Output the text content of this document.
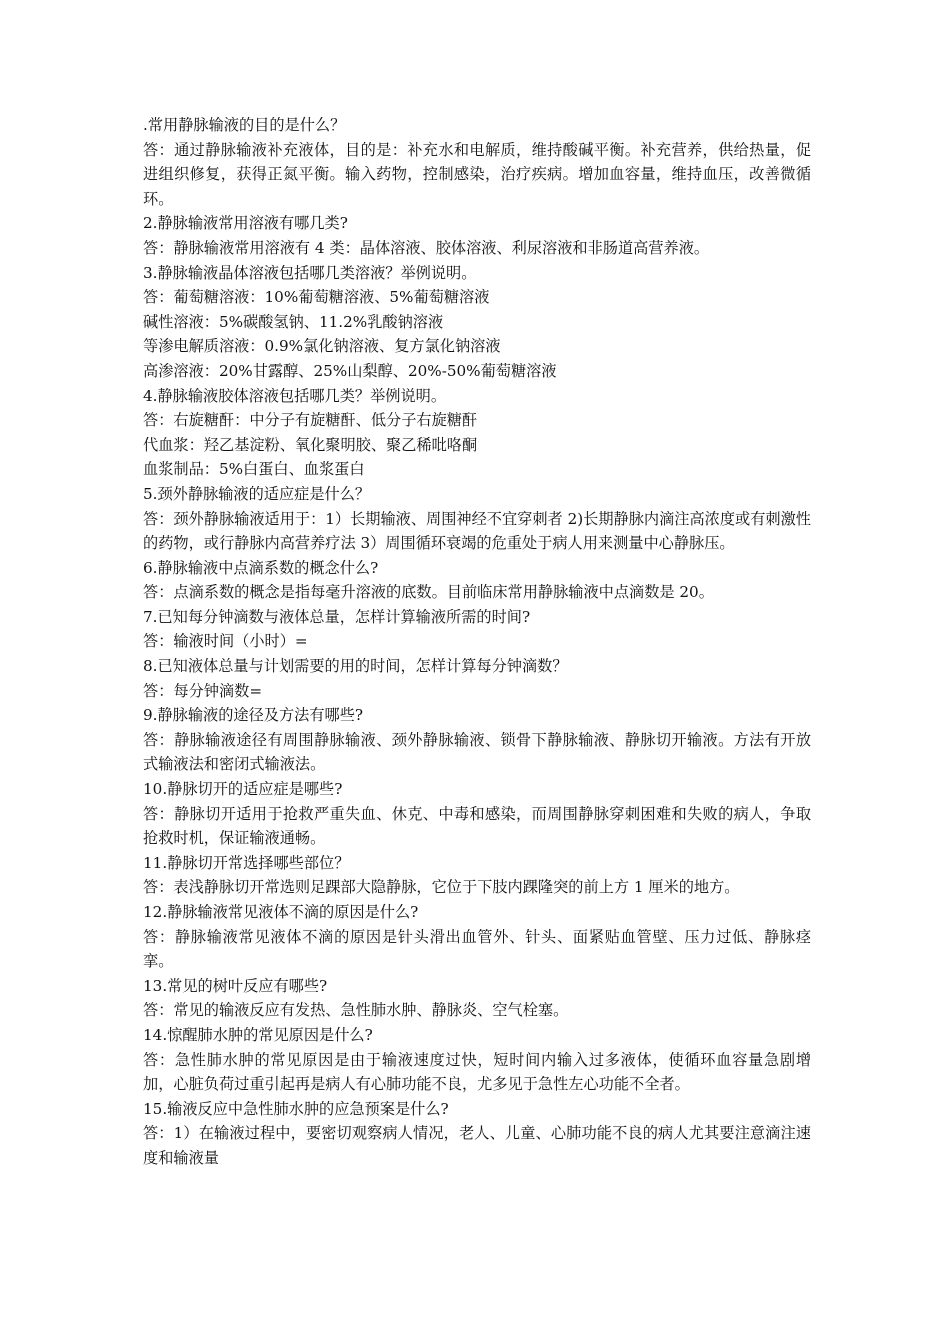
.常用静脉输液的目的是什么？
答：通过静脉输液补充液体，目的是：补充水和电解质，维持酸碱平衡。补充营养，供给热量，促进组织修复，获得正氮平衡。输入药物，控制感染，治疗疾病。增加血容量，维持血压，改善微循环。
2.静脉输液常用溶液有哪几类?
答：静脉输液常用溶液有 4 类：晶体溶液、胶体溶液、利尿溶液和非肠道高营养液。
3.静脉输液晶体溶液包括哪几类溶液？举例说明。
答：葡萄糖溶液：10%葡萄糖溶液、5%葡萄糖溶液
碱性溶液：5%碳酸氢钠、11.2%乳酸钠溶液
等渗电解质溶液：0.9%氯化钠溶液、复方氯化钠溶液
高渗溶液：20%甘露醇、25%山梨醇、20%-50%葡萄糖溶液
4.静脉输液胶体溶液包括哪几类？举例说明。
答：右旋糖酐：中分子有旋糖酐、低分子右旋糖酐
代血浆：羟乙基淀粉、氧化聚明胶、聚乙稀吡咯酮
血浆制品：5%白蛋白、血浆蛋白
5.颈外静脉输液的适应症是什么？
答：颈外静脉输液适用于：1）长期输液、周围神经不宜穿刺者 2)长期静脉内滴注高浓度或有刺激性的药物，或行静脉内高营养疗法 3）周围循环衰竭的危重处于病人用来测量中心静脉压。
6.静脉输液中点滴系数的概念什么?
答：点滴系数的概念是指每毫升溶液的底数。目前临床常用静脉输液中点滴数是 20。
7.已知每分钟滴数与液体总量，怎样计算输液所需的时间?
答：输液时间（小时）=
8.已知液体总量与计划需要的用的时间，怎样计算每分钟滴数？
答：每分钟滴数=
9.静脉输液的途径及方法有哪些?
答：静脉输液途径有周围静脉输液、颈外静脉输液、锁骨下静脉输液、静脉切开输液。方法有开放式输液法和密闭式输液法。
10.静脉切开的适应症是哪些?
答：静脉切开适用于抢救严重失血、休克、中毒和感染，而周围静脉穿刺困难和失败的病人，争取抢救时机，保证输液通畅。
11.静脉切开常选择哪些部位？
答：表浅静脉切开常选则足踝部大隐静脉，它位于下肢内踝隆突的前上方 1 厘米的地方。
12.静脉输液常见液体不滴的原因是什么?
答：静脉输液常见液体不滴的原因是针头滑出血管外、针头、面紧贴血管壁、压力过低、静脉痉挛。
13.常见的树叶反应有哪些?
答：常见的输液反应有发热、急性肺水肿、静脉炎、空气栓塞。
14.惊醒肺水肿的常见原因是什么?
答：急性肺水肿的常见原因是由于输液速度过快，短时间内输入过多液体，使循环血容量急剧增加，心脏负荷过重引起再是病人有心肺功能不良，尤多见于急性左心功能不全者。
15.输液反应中急性肺水肿的应急预案是什么?
答：1）在输液过程中，要密切观察病人情况，老人、儿童、心肺功能不良的病人尤其要注意滴注速度和输液量
